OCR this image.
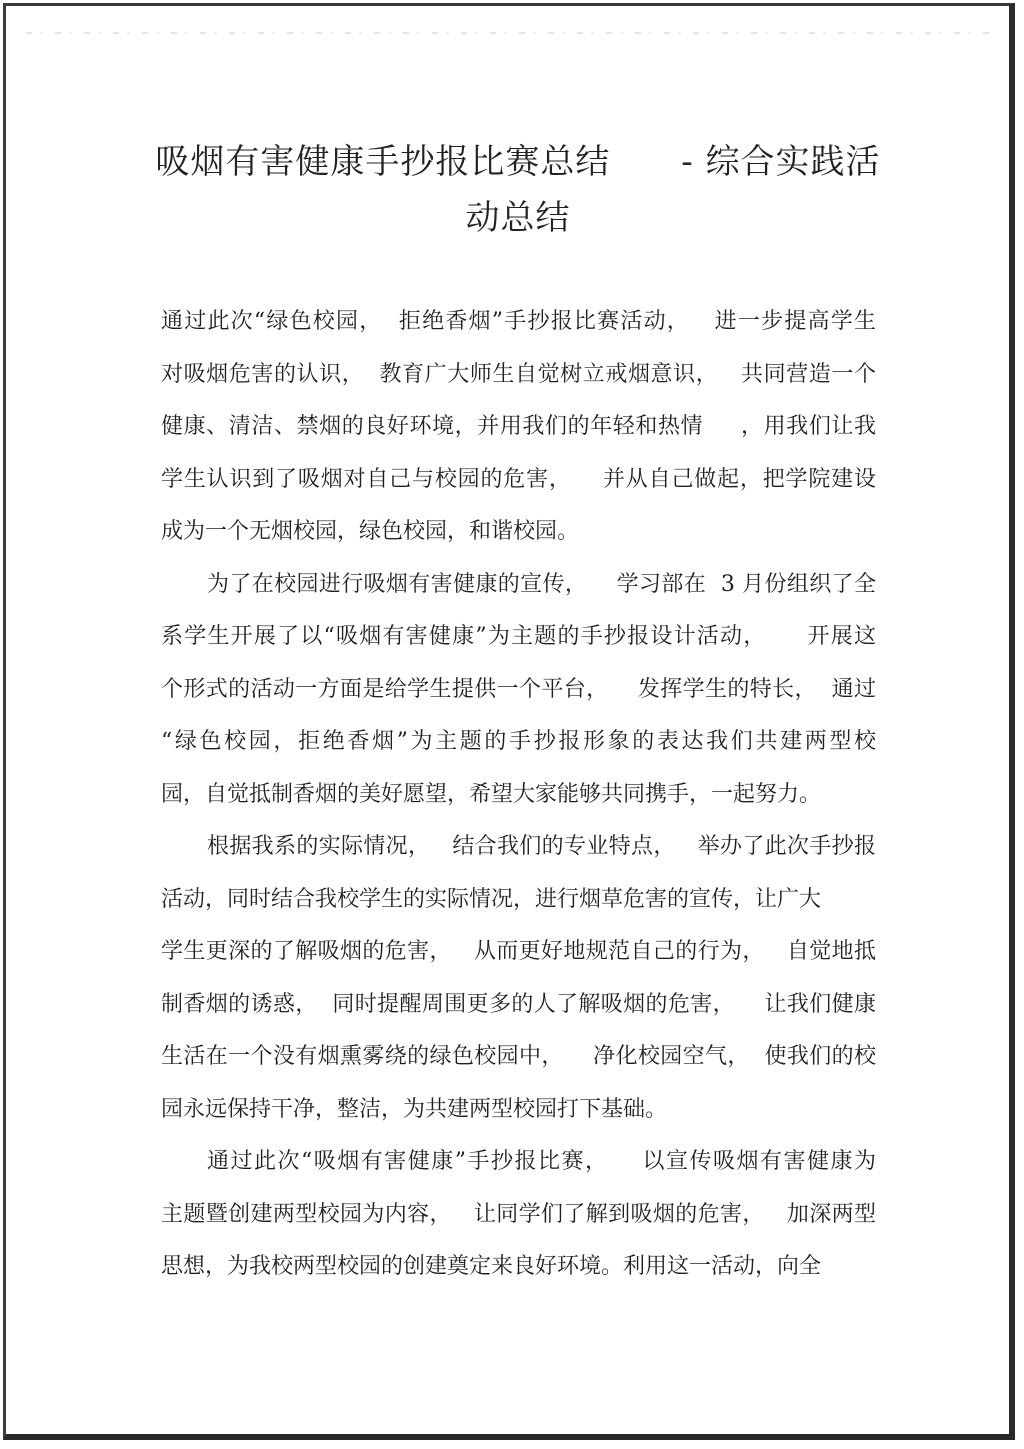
吸烟有害健康手抄报比赛总结      - 综合实践活
动总结
通过此次“绿色校园，  拒绝香烟”手抄报比赛活动，   进一步提高学生
对吸烟危害的认识，  教育广大师生自觉树立戒烟意识，   共同营造一个
健康、清洁、禁烟的良好环境，并用我们的年轻和热情     ，用我们让我
学生认识到了吸烟对自己与校园的危害，    并从自己做起，把学院建设
成为一个无烟校园，绿色校园，和谐校园。
为了在校园进行吸烟有害健康的宣传，    学习部在  3 月份组织了全
系学生开展了以“吸烟有害健康”为主题的手抄报设计活动，     开展这
个形式的活动一方面是给学生提供一个平台，    发挥学生的特长，  通过
“绿色校园，拒绝香烟”为主题的手抄报形象的表达我们共建两型校
园，自觉抵制香烟的美好愿望，希望大家能够共同携手，一起努力。
根据我系的实际情况，   结合我们的专业特点，   举办了此次手抄报
活动，同时结合我校学生的实际情况，进行烟草危害的宣传，让广大
学生更深的了解吸烟的危害，   从而更好地规范自己的行为，   自觉地抵
制香烟的诱惑，  同时提醒周围更多的人了解吸烟的危害，    让我们健康
生活在一个没有烟熏雾绕的绿色校园中，    净化校园空气，  使我们的校
园永远保持干净，整洁，为共建两型校园打下基础。
通过此次“吸烟有害健康”手抄报比赛，    以宣传吸烟有害健康为
主题暨创建两型校园为内容，   让同学们了解到吸烟的危害，   加深两型
思想，为我校两型校园的创建奠定来良好环境。利用这一活动，向全
